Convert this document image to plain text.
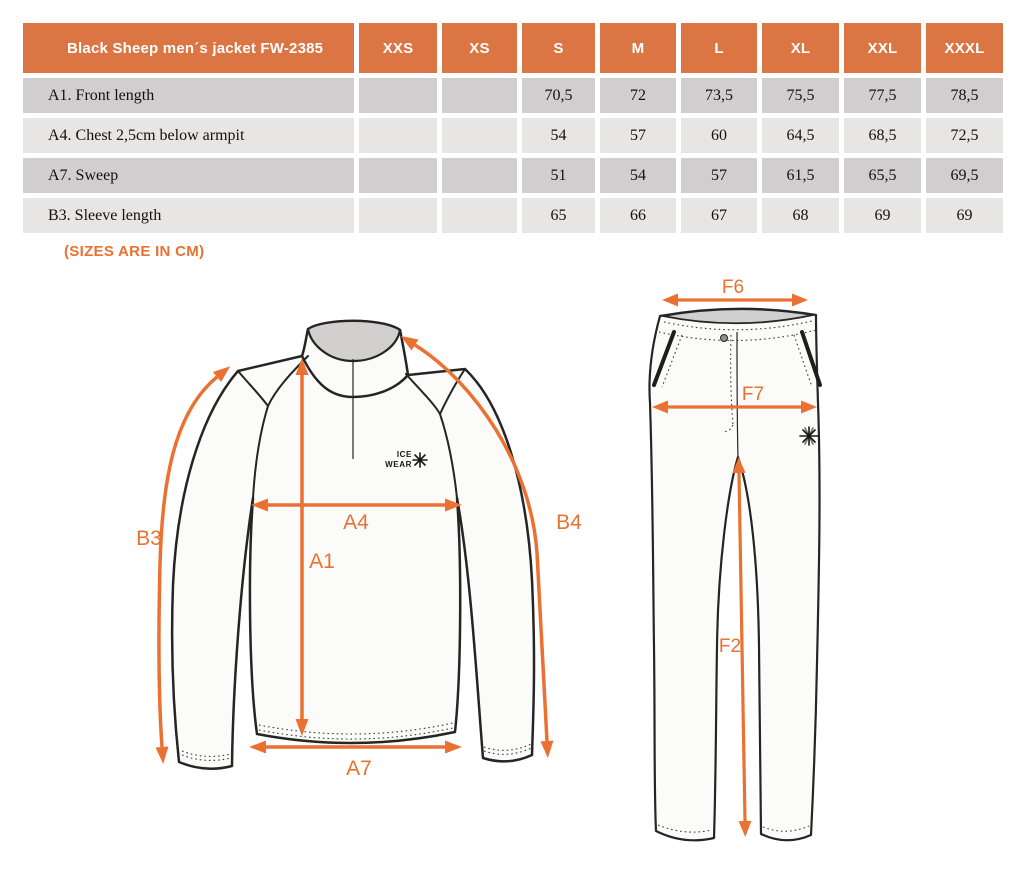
Black Sheep men´s jacket FW-2385	XXS	XS	S	M	L	XL	XXL	XXXL
A1. Front length			70,5	72	73,5	75,5	77,5	78,5
A4. Chest 2,5cm below armpit			54	57	60	64,5	68,5	72,5
A7. Sweep			51	54	57	61,5	65,5	69,5
B3. Sleeve length			65	66	67	68	69	69
(SIZES ARE IN CM)
ICE
WEAR
A4
A1
A7
B3
B4
F6
F7
F2
